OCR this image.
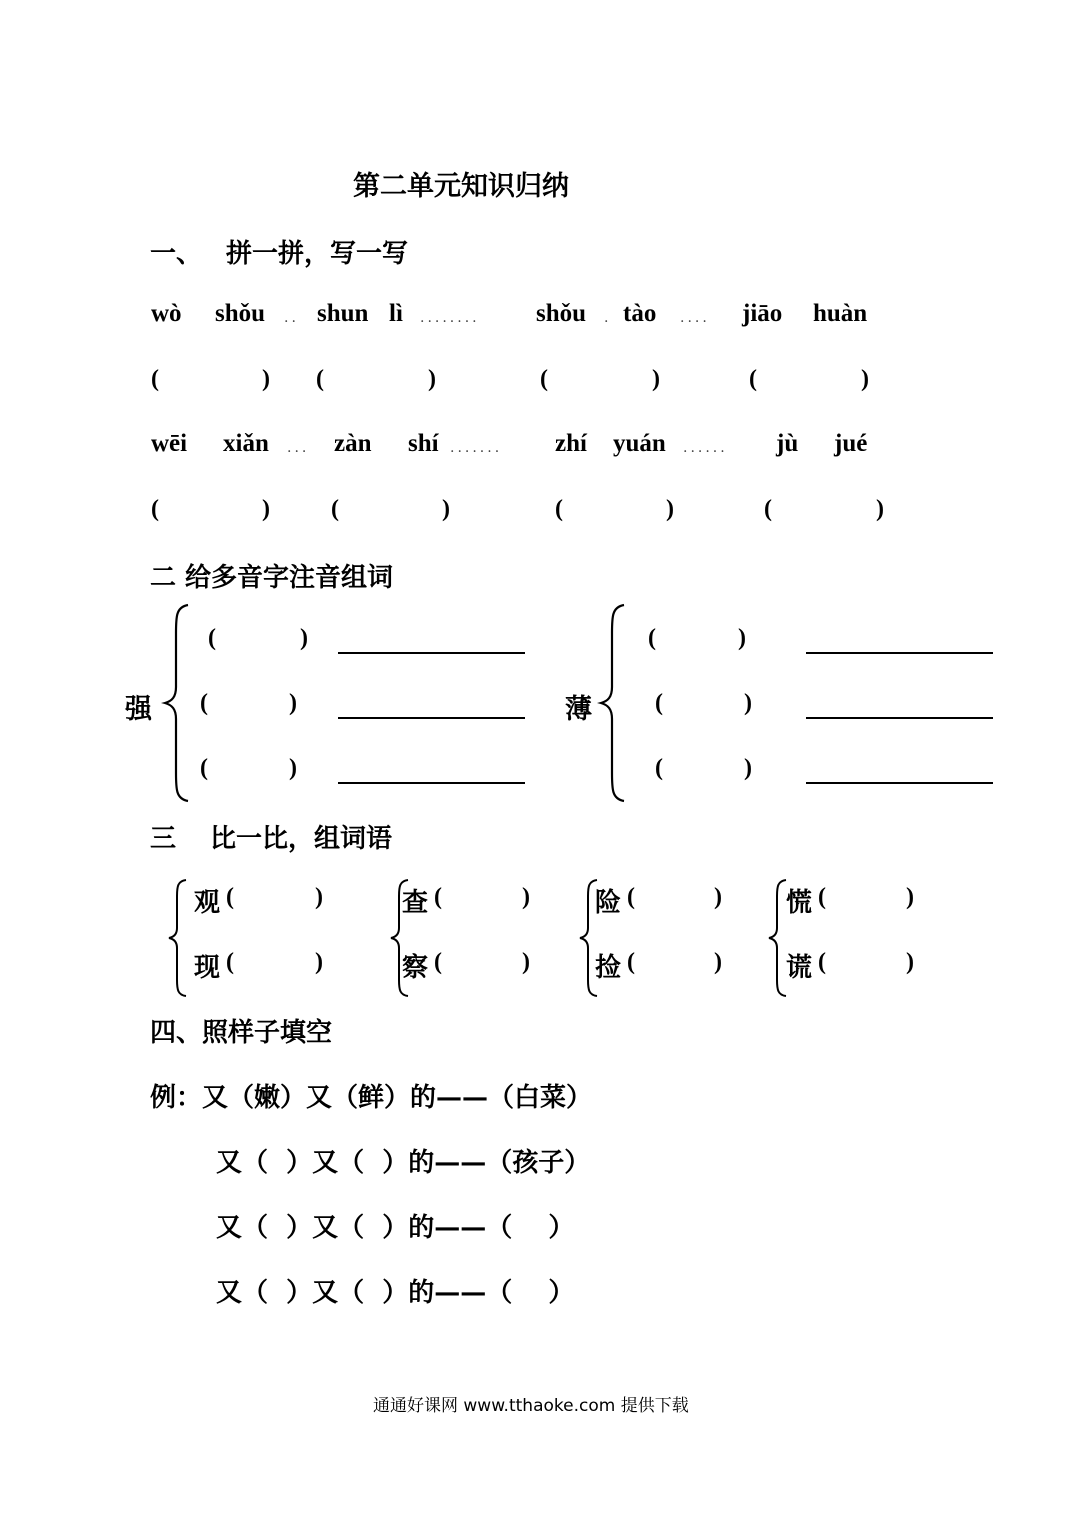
第二单元知识归纳
一、 拼一拼，写一写
wò shǒu .. shun lì ........ shǒu . tào .... jiāo huàn
(	) (	)	(	)	(	)
wēi xiǎn ... zàn shí ....... zhí yuán ...... jù jué
(	)	(	)	(	)	(	)
二 给多音字注音组词
强
(	)
(	)
(	)
薄
(	)
(	)
(	)
三 比一比，组词语
观 (	)
现 (	)
查 (	)
察 (	)
险 (	)
捡 (	)
慌 (	)
谎 (	)
四、照样子填空
例：又（嫩）又（鲜）的——（白菜）
又（  ）又（  ）的——（孩子）
又（  ）又（  ）的——（    ）
又（  ）又（  ）的——（    ）
通通好课网 www.tthaoke.com 提供下载
